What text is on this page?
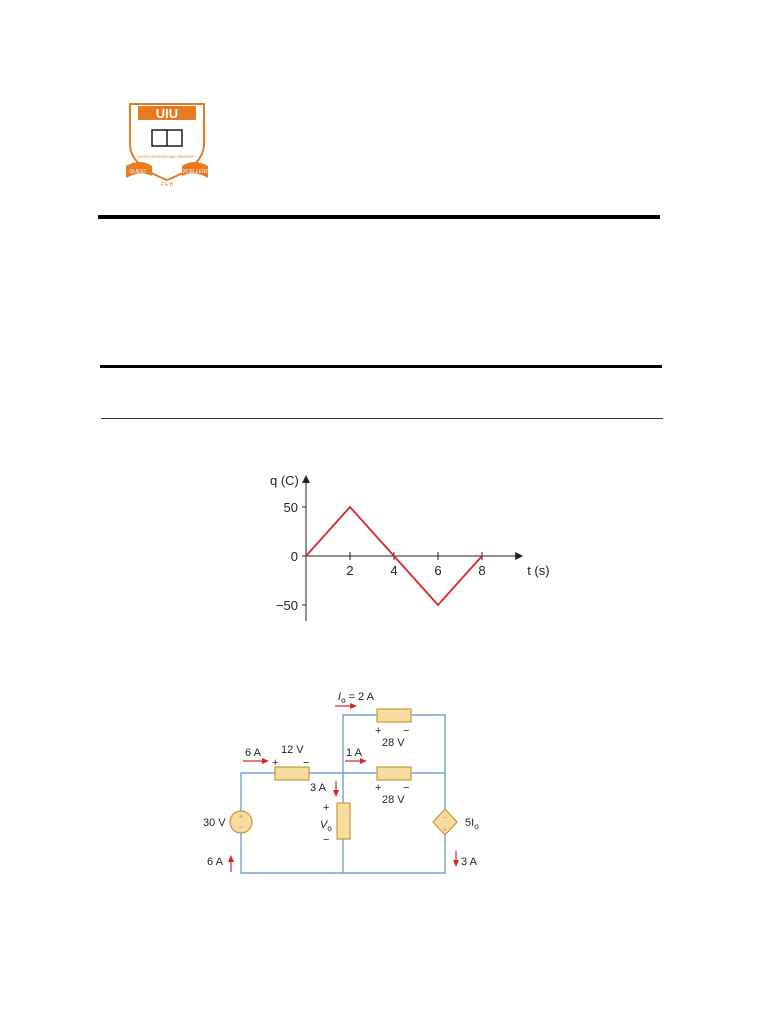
UIU
QUEST	EXCELLENCE
F E B
UNITED INTERNATIONAL UNIVERSITY
q (C)
t (s)
2	4	6	8
50
0
−50
+
−
−
+
6 A 12 V
+ −
3 A
+
$V_o$
−
$I_o = 2$ A
+ −
28 V
1 A
+ −
28 V
30 V
6 A
$5I_o$
3 A
